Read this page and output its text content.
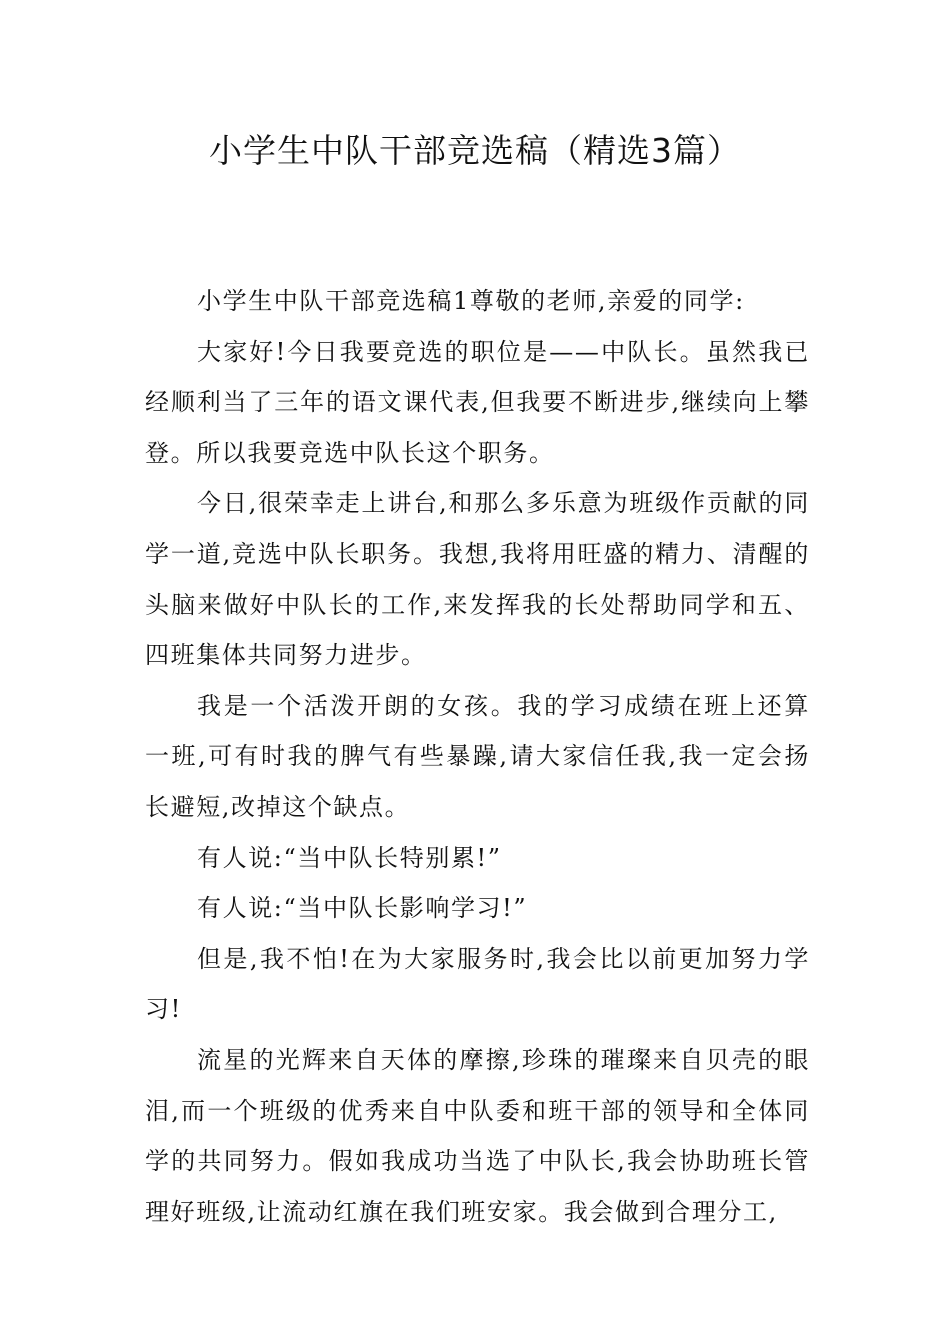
小学生中队干部竞选稿（精选3篇）

小学生中队干部竞选稿1尊敬的老师,亲爱的同学:

大家好!今日我要竞选的职位是——中队长。虽然我已经顺利当了三年的语文课代表,但我要不断进步,继续向上攀登。所以我要竞选中队长这个职务。

今日,很荣幸走上讲台,和那么多乐意为班级作贡献的同学一道,竞选中队长职务。我想,我将用旺盛的精力、清醒的头脑来做好中队长的工作,来发挥我的长处帮助同学和五、四班集体共同努力进步。

我是一个活泼开朗的女孩。我的学习成绩在班上还算一班,可有时我的脾气有些暴躁,请大家信任我,我一定会扬长避短,改掉这个缺点。

有人说:“当中队长特别累!”

有人说:“当中队长影响学习!”

但是,我不怕!在为大家服务时,我会比以前更加努力学习!

流星的光辉来自天体的摩擦,珍珠的璀璨来自贝壳的眼泪,而一个班级的优秀来自中队委和班干部的领导和全体同学的共同努力。假如我成功当选了中队长,我会协助班长管理好班级,让流动红旗在我们班安家。我会做到合理分工,
